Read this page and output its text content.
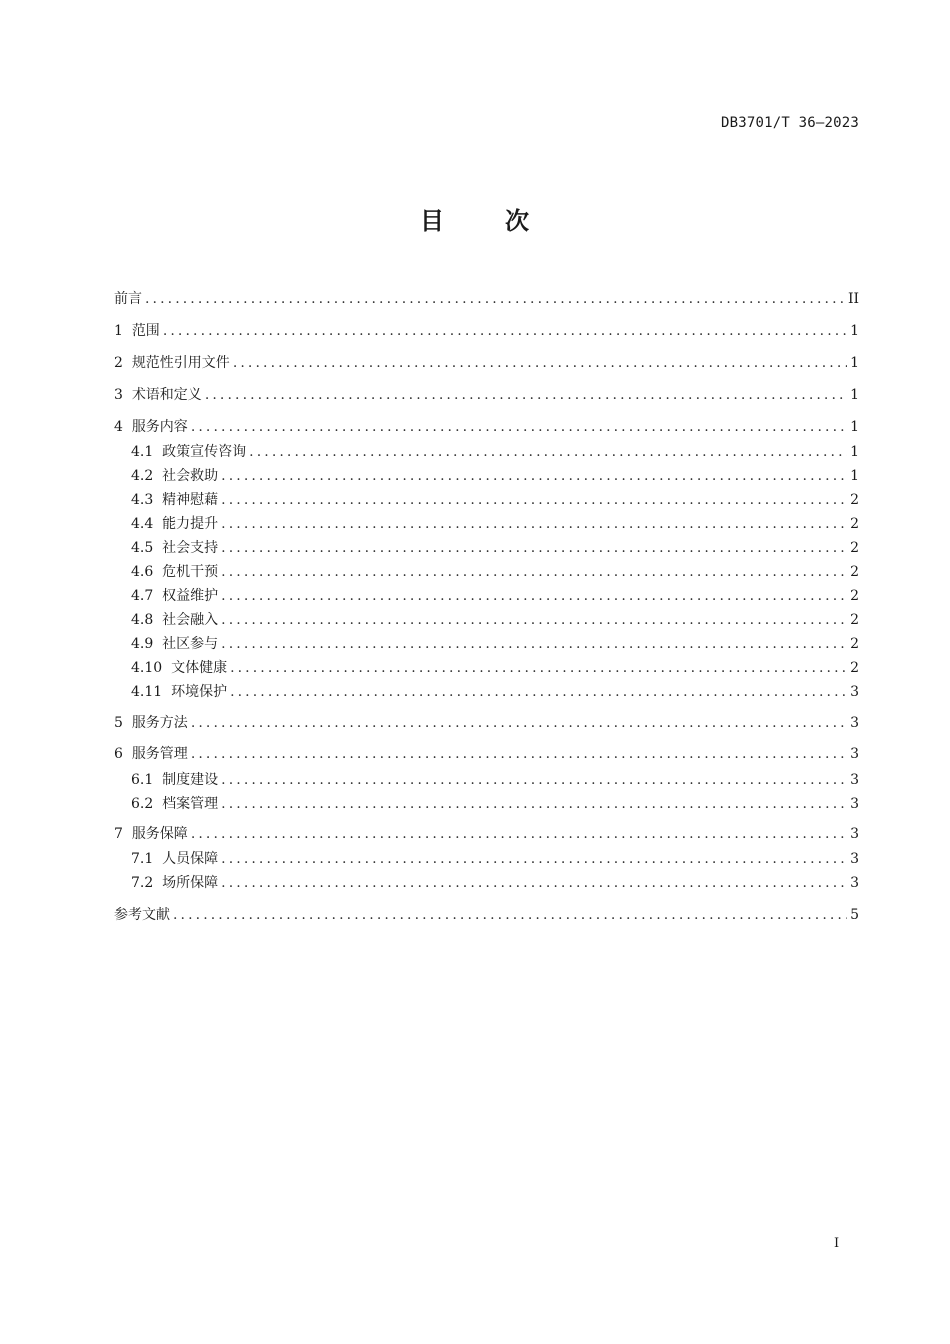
DB3701/T 36—2023
目	次
前言 .....	II
1 范围 .....	1
2 规范性引用文件 .....	1
3 术语和定义 .....	1
4 服务内容 .....	1
4.1 政策宣传咨询 .....	1
4.2 社会救助 .....	1
4.3 精神慰藉 .....	2
4.4 能力提升 .....	2
4.5 社会支持 .....	2
4.6 危机干预 .....	2
4.7 权益维护 .....	2
4.8 社会融入 .....	2
4.9 社区参与 .....	2
4.10 文体健康 .....	2
4.11 环境保护 .....	3
5 服务方法 .....	3
6 服务管理 .....	3
6.1 制度建设 .....	3
6.2 档案管理 .....	3
7 服务保障 .....	3
7.1 人员保障 .....	3
7.2 场所保障 .....	3
参考文献 .....	5
I
